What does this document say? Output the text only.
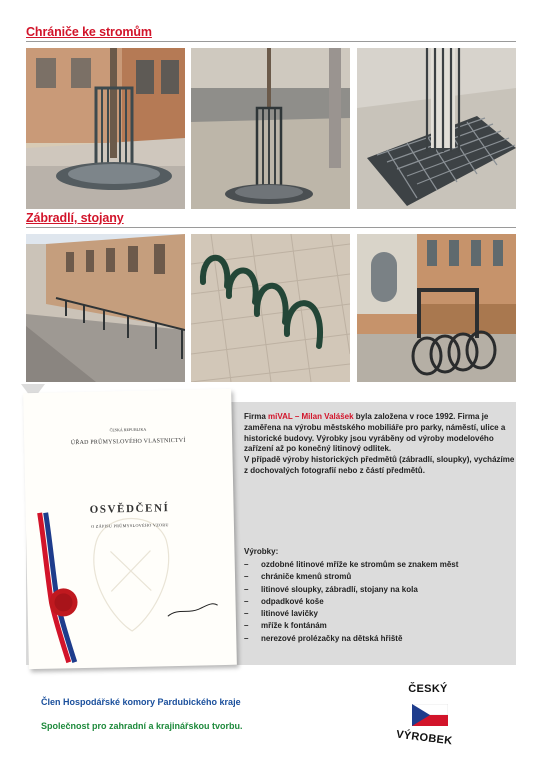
Chrániče ke stromům
Zábradlí, stojany
ČESKÁ REPUBLIKA
ÚŘAD PRŮMYSLOVÉHO VLASTNICTVÍ
OSVĚDČENÍ
O ZÁPISU PRŮMYSLOVÉHO VZORU

Firma miVAL – Milan Valášek byla založena v roce 1992. Firma je zaměřena na výrobu městského mobiliáře pro parky, náměstí, ulice a historické budovy. Výrobky jsou vyráběny od výroby modelového zařízení až po konečný litinový odlitek.
V případě výroby historických předmětů (zábradlí, sloupky), vycházíme z dochovalých fotografií nebo z částí předmětů.

Výrobky:
– ozdobné litinové mříže ke stromům se znakem měst
– chrániče kmenů stromů
– litinové sloupky, zábradlí, stojany na kola
– odpadkové koše
– litinové lavičky
– mříže k fontánám
– nerezové prolézačky na dětská hřiště
Člen Hospodářské komory Pardubického kraje
Společnost pro zahradní a krajinářskou tvorbu.
ČESKÝ
VÝROBEK
